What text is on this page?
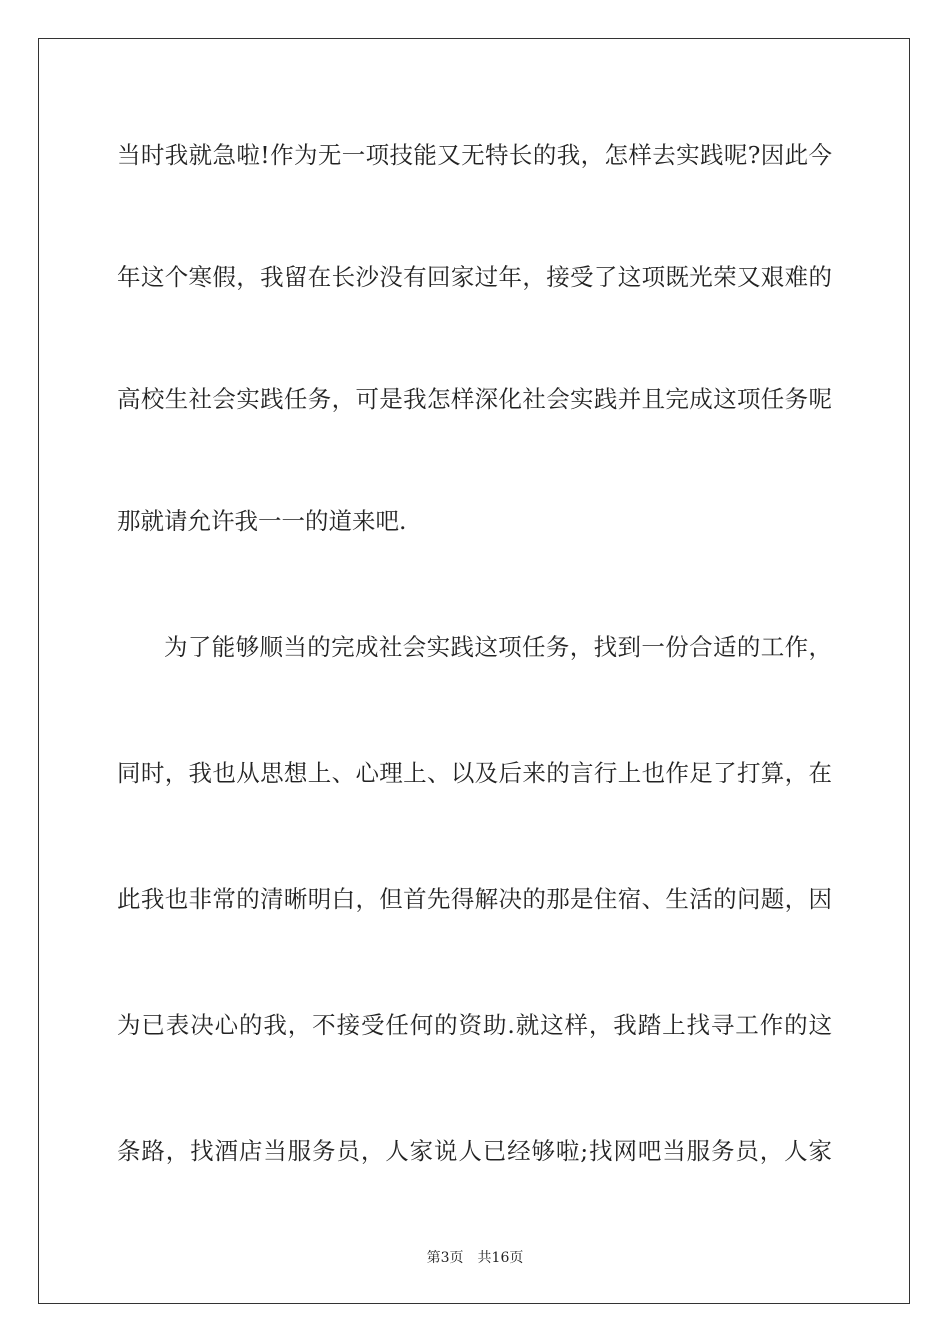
当时我就急啦!作为无一项技能又无特长的我，怎样去实践呢?因此今
年这个寒假，我留在长沙没有回家过年，接受了这项既光荣又艰难的
高校生社会实践任务，可是我怎样深化社会实践并且完成这项任务呢
那就请允许我一一的道来吧.
为了能够顺当的完成社会实践这项任务，找到一份合适的工作，
同时，我也从思想上、心理上、以及后来的言行上也作足了打算，在
此我也非常的清晰明白，但首先得解决的那是住宿、生活的问题，因
为已表决心的我，不接受任何的资助.就这样，我踏上找寻工作的这
条路，找酒店当服务员，人家说人已经够啦;找网吧当服务员，人家
第3页　共16页
